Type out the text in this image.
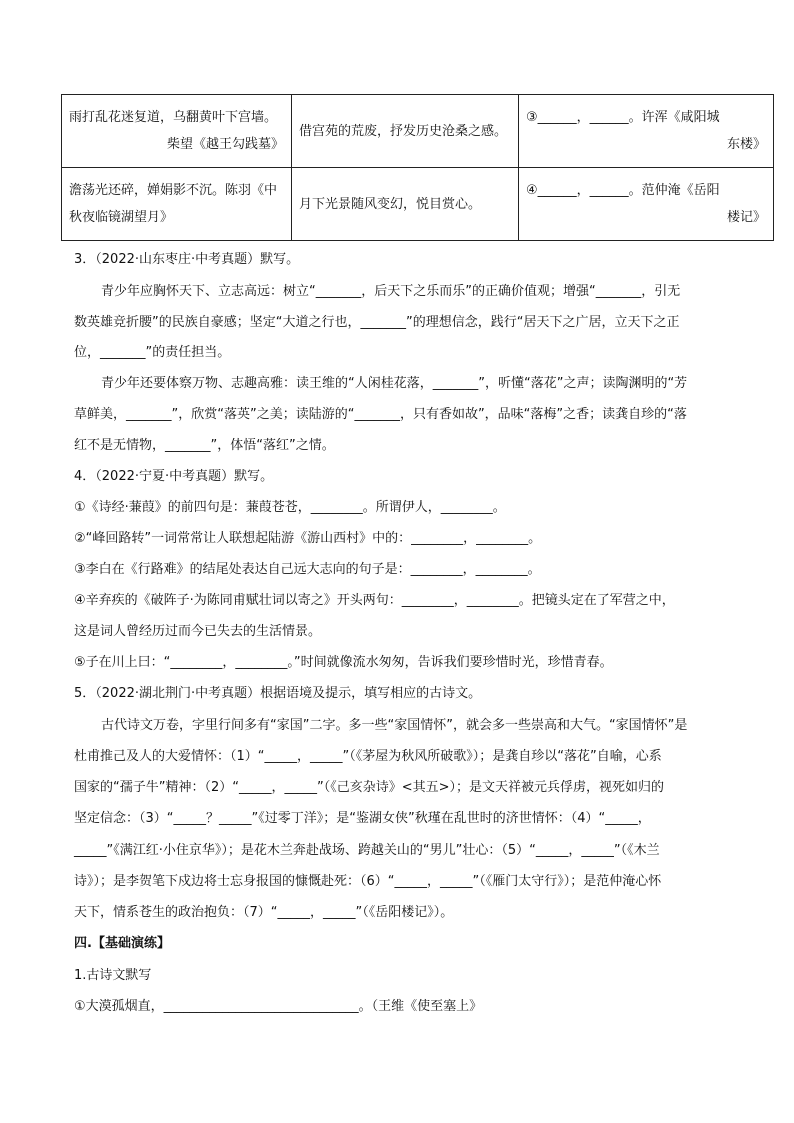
雨打乱花迷复道，乌翻黄叶下宫墙。

柴望《越王勾践墓》	借宫苑的荒废，抒发历史沧桑之感。	③______，______。许浑《咸阳城

东楼》

澹荡光还碎，婵娟影不沉。陈羽《中
秋夜临镜湖望月》	月下光景随风变幻，悦目赏心。	④______，______。范仲淹《岳阳

楼记》

3．（2022·山东枣庄·中考真题）默写。

青少年应胸怀天下、立志高远：树立“_______，后天下之乐而乐”的正确价值观；增强“_______，引无

数英雄竞折腰”的民族自豪感；坚定“大道之行也，_______”的理想信念，践行“居天下之广居，立天下之正

位，_______”的责任担当。

青少年还要体察万物、志趣高雅：读王维的“人闲桂花落，_______”，听懂“落花”之声；读陶渊明的“芳

草鲜美，_______”，欣赏“落英”之美；读陆游的“_______，只有香如故”，品味“落梅”之香；读龚自珍的“落

红不是无情物，_______”，体悟“落红”之情。

4．（2022·宁夏·中考真题）默写。

①《诗经·蒹葭》的前四句是：蒹葭苍苍，________。所谓伊人，________。

②“峰回路转”一词常常让人联想起陆游《游山西村》中的：________，________。

③李白在《行路难》的结尾处表达自己远大志向的句子是：________，________。

④辛弃疾的《破阵子·为陈同甫赋壮词以寄之》开头两句：________，________。把镜头定在了军营之中，

这是词人曾经历过而今已失去的生活情景。

⑤子在川上曰：“________，________。”时间就像流水匆匆，告诉我们要珍惜时光，珍惜青春。

5．（2022·湖北荆门·中考真题）根据语境及提示，填写相应的古诗文。

古代诗文万卷，字里行间多有“家国”二字。多一些“家国情怀”，就会多一些崇高和大气。“家国情怀”是

杜甫推己及人的大爱情怀：（1）“_____，_____”（《茅屋为秋风所破歌》）；是龚自珍以“落花”自喻，心系

国家的“孺子牛”精神：（2）“_____，_____”（《己亥杂诗》<其五>）；是文天祥被元兵俘虏，视死如归的

坚定信念：（3）“_____？_____”《过零丁洋》；是“鉴湖女侠”秋瑾在乱世时的济世情怀：（4）“_____，

_____”《满江红·小住京华》）；是花木兰奔赴战场、跨越关山的“男儿”壮心：（5）“_____，_____”（《木兰

诗》）；是李贺笔下戍边将士忘身报国的慷慨赴死：（6）“_____，_____”（《雁门太守行》）；是范仲淹心怀

天下，情系苍生的政治抱负：（7）“_____，_____”（《岳阳楼记》）。

四.【基础演练】

1.古诗文默写

①大漠孤烟直，______________________________。（王维《使至塞上》
